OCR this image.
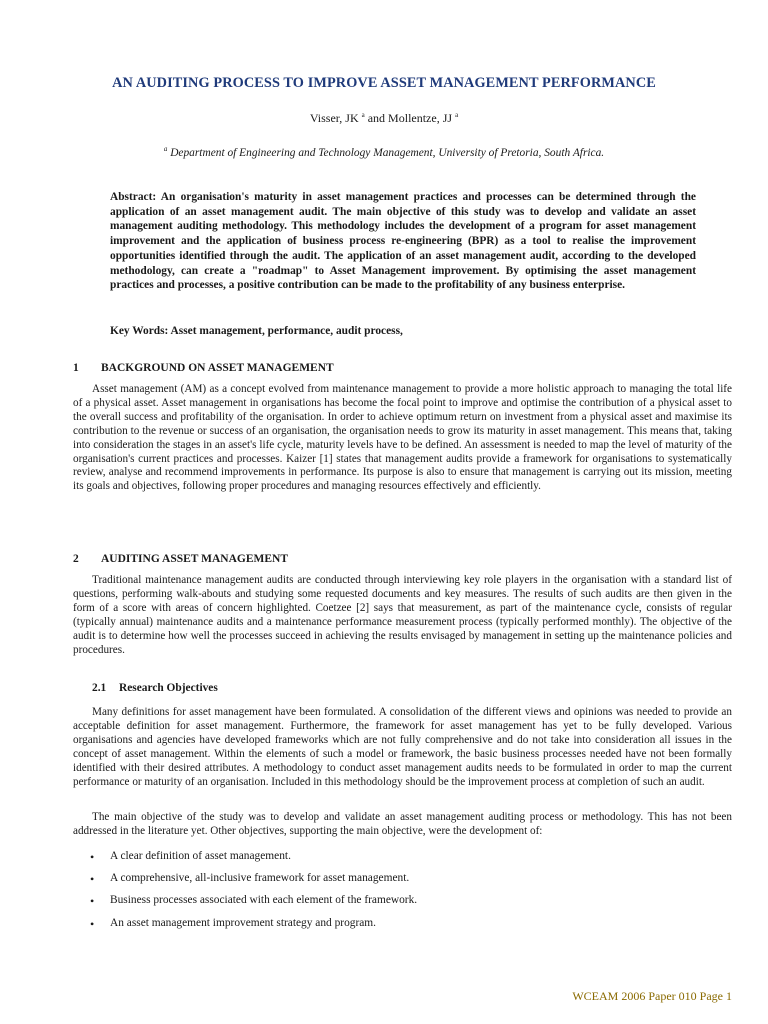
AN AUDITING PROCESS TO IMPROVE ASSET MANAGEMENT PERFORMANCE
Visser, JK $^a$ and Mollentze, JJ $^a$
$^a$ Department of Engineering and Technology Management, University of Pretoria, South Africa.
Abstract: An organisation's maturity in asset management practices and processes can be determined through the application of an asset management audit. The main objective of this study was to develop and validate an asset management auditing methodology. This methodology includes the development of a program for asset management improvement and the application of business process re-engineering (BPR) as a tool to realise the improvement opportunities identified through the audit. The application of an asset management audit, according to the developed methodology, can create a "roadmap" to Asset Management improvement. By optimising the asset management practices and processes, a positive contribution can be made to the profitability of any business enterprise.
Key Words: Asset management, performance, audit process,
1 BACKGROUND ON ASSET MANAGEMENT

Asset management (AM) as a concept evolved from maintenance management to provide a more holistic approach to managing the total life of a physical asset. Asset management in organisations has become the focal point to improve and optimise the contribution of a physical asset to the overall success and profitability of the organisation. In order to achieve optimum return on investment from a physical asset and maximise its contribution to the revenue or success of an organisation, the organisation needs to grow its maturity in asset management. This means that, taking into consideration the stages in an asset's life cycle, maturity levels have to be defined. An assessment is needed to map the level of maturity of the organisation's current practices and processes. Kaizer [1] states that management audits provide a framework for organisations to systematically review, analyse and recommend improvements in performance. Its purpose is also to ensure that management is carrying out its mission, meeting its goals and objectives, following proper procedures and managing resources effectively and efficiently.

2 AUDITING ASSET MANAGEMENT

Traditional maintenance management audits are conducted through interviewing key role players in the organisation with a standard list of questions, performing walk-abouts and studying some requested documents and key measures. The results of such audits are then given in the form of a score with areas of concern highlighted. Coetzee [2] says that measurement, as part of the maintenance cycle, consists of regular (typically annual) maintenance audits and a maintenance performance measurement process (typically performed monthly). The objective of the audit is to determine how well the processes succeed in achieving the results envisaged by management in setting up the maintenance policies and procedures.

2.1 Research Objectives

Many definitions for asset management have been formulated. A consolidation of the different views and opinions was needed to provide an acceptable definition for asset management. Furthermore, the framework for asset management has yet to be fully developed. Various organisations and agencies have developed frameworks which are not fully comprehensive and do not take into consideration all issues in the concept of asset management. Within the elements of such a model or framework, the basic business processes needed have not been formally identified with their desired attributes. A methodology to conduct asset management audits needs to be formulated in order to map the current performance or maturity of an organisation. Included in this methodology should be the improvement process at completion of such an audit.

The main objective of the study was to develop and validate an asset management auditing process or methodology. This has not been addressed in the literature yet. Other objectives, supporting the main objective, were the development of:

• A clear definition of asset management.
• A comprehensive, all-inclusive framework for asset management.
• Business processes associated with each element of the framework.
• An asset management improvement strategy and program.
WCEAM 2006 Paper 010 Page 1
